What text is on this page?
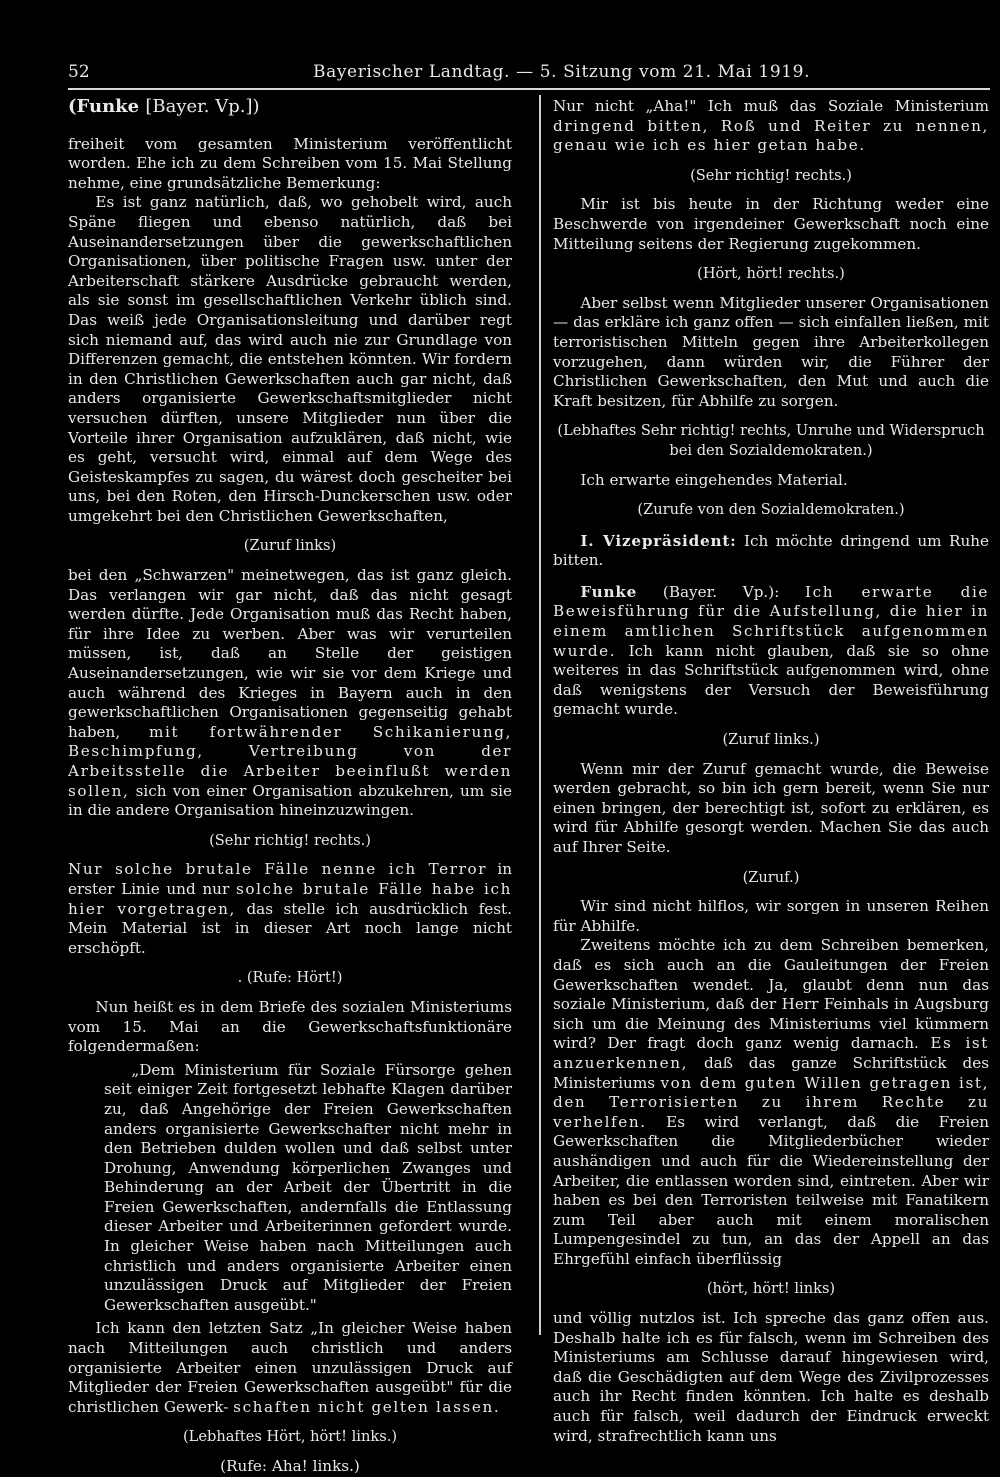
52	Bayerischer Landtag. — 5. Sitzung vom 21. Mai 1919.

(Funke [Bayer. Vp.])

freiheit vom gesamten Ministerium veröffentlicht worden. Ehe ich zu dem Schreiben vom 15. Mai Stellung nehme, eine grundsätzliche Bemerkung:

Es ist ganz natürlich, daß, wo gehobelt wird, auch Späne fliegen und ebenso natürlich, daß bei Auseinandersetzungen über die gewerkschaftlichen Organisationen, über politische Fragen usw. unter der Arbeiterschaft stärkere Ausdrücke gebraucht werden, als sie sonst im gesellschaftlichen Verkehr üblich sind. Das weiß jede Organisationsleitung und darüber regt sich niemand auf, das wird auch nie zur Grundlage von Differenzen gemacht, die entstehen könnten. Wir fordern in den Christlichen Gewerkschaften auch gar nicht, daß anders organisierte Gewerkschaftsmitglieder nicht versuchen dürften, unsere Mitglieder nun über die Vorteile ihrer Organisation aufzuklären, daß nicht, wie es geht, versucht wird, einmal auf dem Wege des Geisteskampfes zu sagen, du wärest doch gescheiter bei uns, bei den Roten, den Hirsch-Dunckerschen usw. oder umgekehrt bei den Christlichen Gewerkschaften,

(Zuruf links)

bei den „Schwarzen" meinetwegen, das ist ganz gleich. Das verlangen wir gar nicht, daß das nicht gesagt werden dürfte. Jede Organisation muß das Recht haben, für ihre Idee zu werben. Aber was wir verurteilen müssen, ist, daß an Stelle der geistigen Auseinandersetzungen, wie wir sie vor dem Kriege und auch während des Krieges in Bayern auch in den gewerkschaftlichen Organisationen gegenseitig gehabt haben, mit fortwährender Schikanierung, Beschimpfung, Vertreibung von der Arbeitsstelle die Arbeiter beeinflußt werden sollen, sich von einer Organisation abzukehren, um sie in die andere Organisation hineinzuzwingen.

(Sehr richtig! rechts.)

Nur solche brutale Fälle nenne ich Terror in erster Linie und nur solche brutale Fälle habe ich hier vorgetragen, das stelle ich ausdrücklich fest. Mein Material ist in dieser Art noch lange nicht erschöpft.

. (Rufe: Hört!)

Nun heißt es in dem Briefe des sozialen Ministeriums vom 15. Mai an die Gewerkschaftsfunktionäre folgendermaßen:

„Dem Ministerium für Soziale Fürsorge gehen seit einiger Zeit fortgesetzt lebhafte Klagen darüber zu, daß Angehörige der Freien Gewerkschaften anders organisierte Gewerkschafter nicht mehr in den Betrieben dulden wollen und daß selbst unter Drohung, Anwendung körperlichen Zwanges und Behinderung an der Arbeit der Übertritt in die Freien Gewerkschaften, andernfalls die Entlassung dieser Arbeiter und Arbeiterinnen gefordert wurde. In gleicher Weise haben nach Mitteilungen auch christlich und anders organisierte Arbeiter einen unzulässigen Druck auf Mitglieder der Freien Gewerkschaften ausgeübt."

Ich kann den letzten Satz „In gleicher Weise haben nach Mitteilungen auch christlich und anders organisierte Arbeiter einen unzulässigen Druck auf Mitglieder der Freien Gewerkschaften ausgeübt" für die christlichen Gewerk- schaften nicht gelten lassen.

(Lebhaftes Hört, hört! links.)

(Rufe: Aha! links.)

Nur nicht „Aha!" Ich muß das Soziale Ministerium dringend bitten, Roß und Reiter zu nennen, genau wie ich es hier getan habe.

(Sehr richtig! rechts.)

Mir ist bis heute in der Richtung weder eine Beschwerde von irgendeiner Gewerkschaft noch eine Mitteilung seitens der Regierung zugekommen.

(Hört, hört! rechts.)

Aber selbst wenn Mitglieder unserer Organisationen — das erkläre ich ganz offen — sich einfallen ließen, mit terroristischen Mitteln gegen ihre Arbeiterkollegen vorzugehen, dann würden wir, die Führer der Christlichen Gewerkschaften, den Mut und auch die Kraft besitzen, für Abhilfe zu sorgen.

(Lebhaftes Sehr richtig! rechts, Unruhe und Widerspruch bei den Sozialdemokraten.)

Ich erwarte eingehendes Material.

(Zurufe von den Sozialdemokraten.)

I. Vizepräsident: Ich möchte dringend um Ruhe bitten.

Funke (Bayer. Vp.): Ich erwarte die Beweisführung für die Aufstellung, die hier in einem amtlichen Schriftstück aufgenommen wurde. Ich kann nicht glauben, daß sie so ohne weiteres in das Schriftstück aufgenommen wird, ohne daß wenigstens der Versuch der Beweisführung gemacht wurde.

(Zuruf links.)

Wenn mir der Zuruf gemacht wurde, die Beweise werden gebracht, so bin ich gern bereit, wenn Sie nur einen bringen, der berechtigt ist, sofort zu erklären, es wird für Abhilfe gesorgt werden. Machen Sie das auch auf Ihrer Seite.

(Zuruf.)

Wir sind nicht hilflos, wir sorgen in unseren Reihen für Abhilfe.

Zweitens möchte ich zu dem Schreiben bemerken, daß es sich auch an die Gauleitungen der Freien Gewerkschaften wendet. Ja, glaubt denn nun das soziale Ministerium, daß der Herr Feinhals in Augsburg sich um die Meinung des Ministeriums viel kümmern wird? Der fragt doch ganz wenig darnach. Es ist anzuerkennen, daß das ganze Schriftstück des Ministeriums von dem guten Willen getragen ist, den Terrorisierten zu ihrem Rechte zu verhelfen. Es wird verlangt, daß die Freien Gewerkschaften die Mitgliederbücher wieder aushändigen und auch für die Wiedereinstellung der Arbeiter, die entlassen worden sind, eintreten. Aber wir haben es bei den Terroristen teilweise mit Fanatikern zum Teil aber auch mit einem moralischen Lumpengesindel zu tun, an das der Appell an das Ehrgefühl einfach überflüssig

(hört, hört! links)

und völlig nutzlos ist. Ich spreche das ganz offen aus. Deshalb halte ich es für falsch, wenn im Schreiben des Ministeriums am Schlusse darauf hingewiesen wird, daß die Geschädigten auf dem Wege des Zivilprozesses auch ihr Recht finden könnten. Ich halte es deshalb auch für falsch, weil dadurch der Eindruck erweckt wird, strafrechtlich kann uns
